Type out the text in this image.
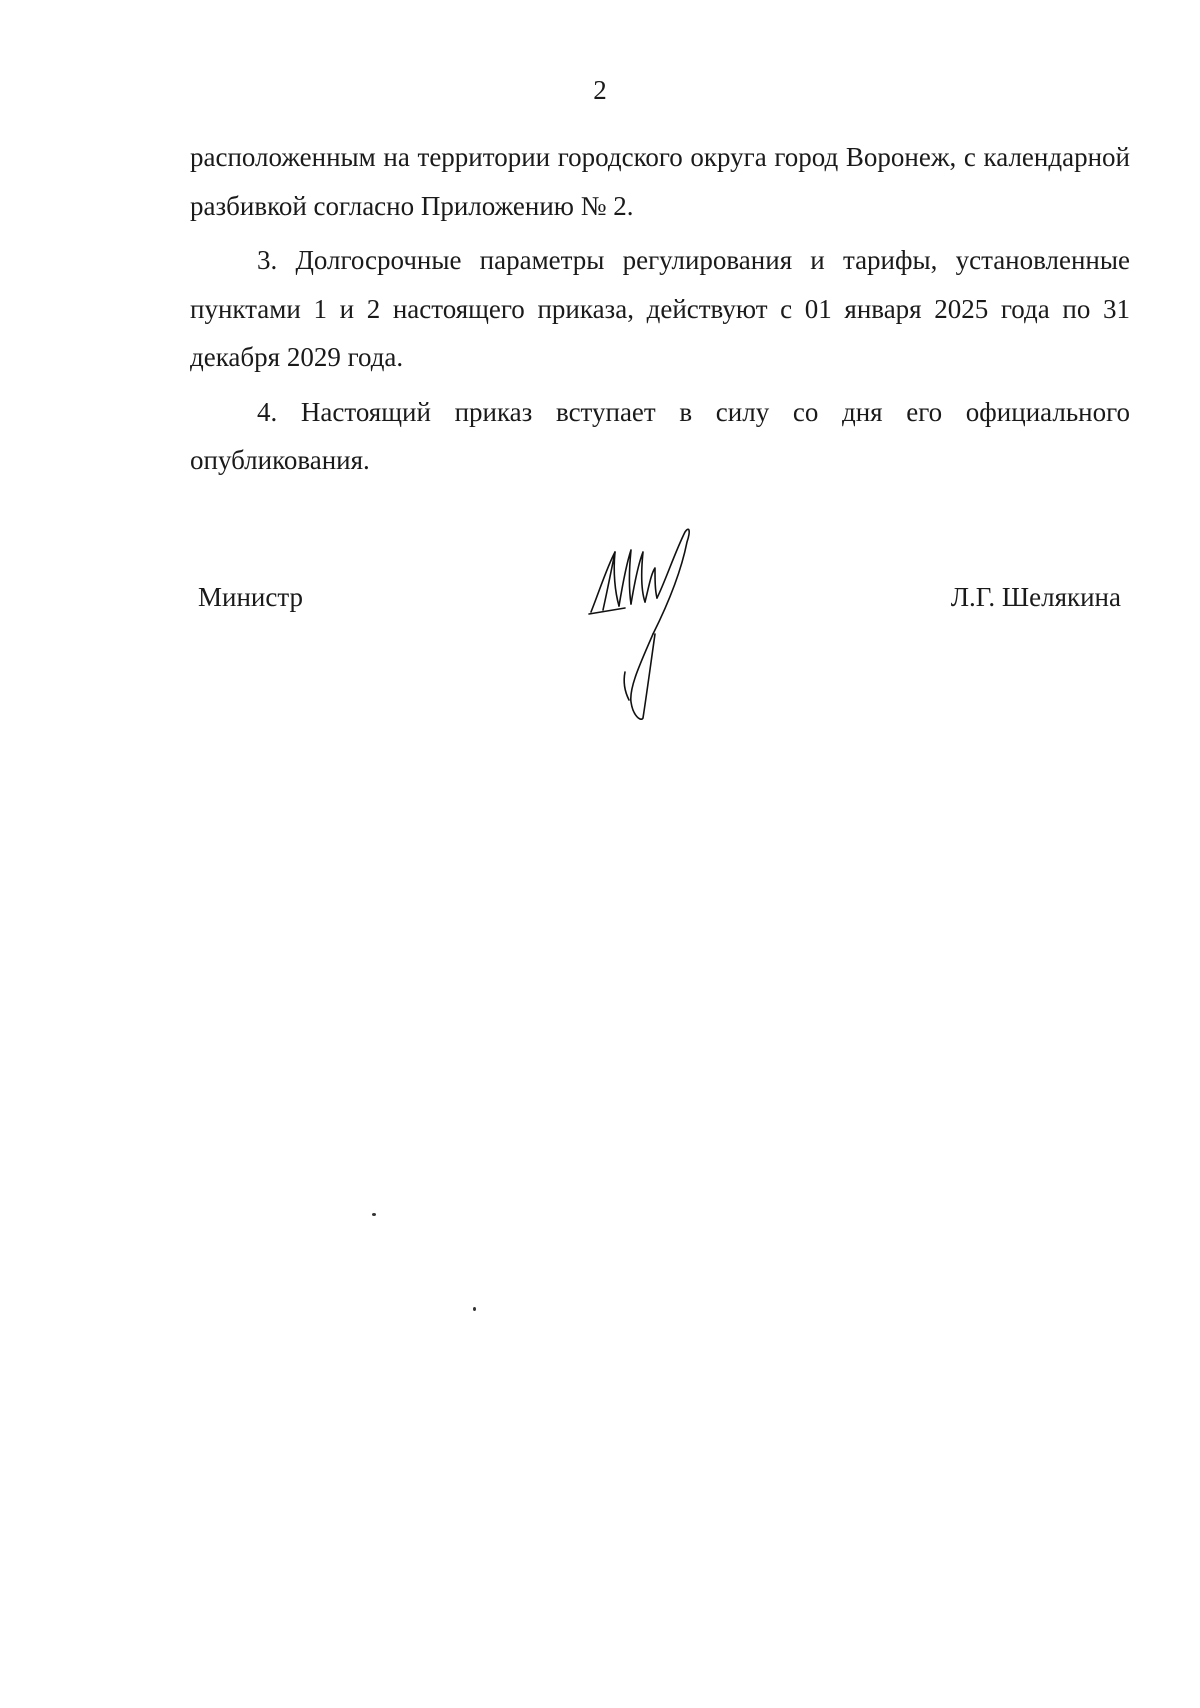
2

расположенным на территории городского округа город Воронеж, с календарной разбивкой согласно Приложению № 2.

3. Долгосрочные параметры регулирования и тарифы, установленные пунктами 1 и 2 настоящего приказа, действуют с 01 января 2025 года по 31 декабря 2029 года.

4. Настоящий приказ вступает в силу со дня его официального опубликования.

Министр	Л.Г. Шелякина
